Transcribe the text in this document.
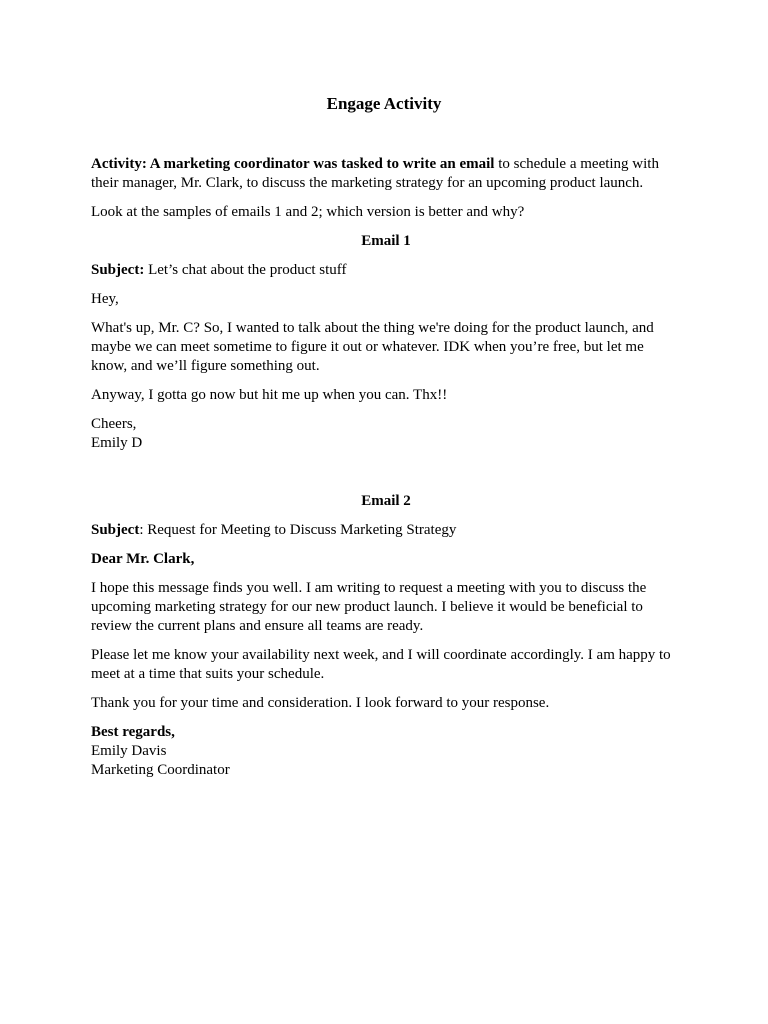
Engage Activity

Activity: A marketing coordinator was tasked to write an email to schedule a meeting with their manager, Mr. Clark, to discuss the marketing strategy for an upcoming product launch.

Look at the samples of emails 1 and 2; which version is better and why?

Email 1

Subject: Let’s chat about the product stuff

Hey,

What's up, Mr. C? So, I wanted to talk about the thing we're doing for the product launch, and maybe we can meet sometime to figure it out or whatever. IDK when you’re free, but let me know, and we’ll figure something out.

Anyway, I gotta go now but hit me up when you can. Thx!!

Cheers,
Emily D

Email 2

Subject: Request for Meeting to Discuss Marketing Strategy

Dear Mr. Clark,

I hope this message finds you well. I am writing to request a meeting with you to discuss the upcoming marketing strategy for our new product launch. I believe it would be beneficial to review the current plans and ensure all teams are ready.

Please let me know your availability next week, and I will coordinate accordingly. I am happy to meet at a time that suits your schedule.

Thank you for your time and consideration. I look forward to your response.

Best regards,
Emily Davis
Marketing Coordinator
